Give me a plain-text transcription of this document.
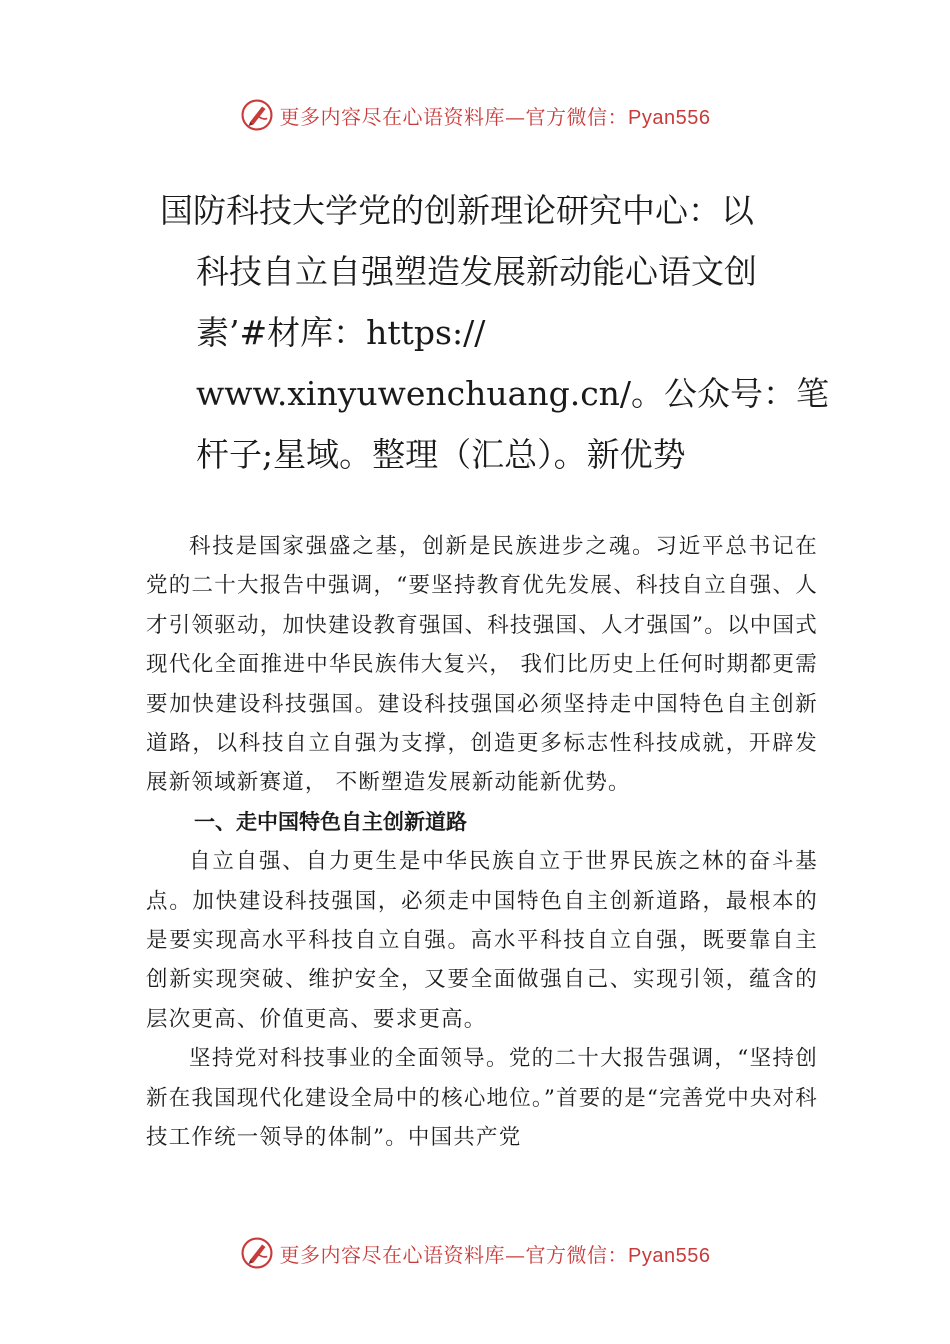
更多内容尽在心语资料库—官方微信：Pyan556
国防科技大学党的创新理论研究中心：以
科技自立自强塑造发展新动能心语文创
素’#材库：https://
www.xinyuwenchuang.cn/。公众号：笔
杆子;星域。整理（汇总）。新优势

科技是国家强盛之基，创新是民族进步之魂。习近平总书记在党的二十大报告中强调，“要坚持教育优先发展、科技自立自强、人才引领驱动，加快建设教育强国、科技强国、人才强国”。以中国式现代化全面推进中华民族伟大复兴， 我们比历史上任何时期都更需要加快建设科技强国。建设科技强国必须坚持走中国特色自主创新道路，以科技自立自强为支撑，创造更多标志性科技成就，开辟发展新领域新赛道， 不断塑造发展新动能新优势。

一、走中国特色自主创新道路

自立自强、自力更生是中华民族自立于世界民族之林的奋斗基点。加快建设科技强国，必须走中国特色自主创新道路，最根本的是要实现高水平科技自立自强。高水平科技自立自强，既要靠自主创新实现突破、维护安全，又要全面做强自己、实现引领，蕴含的层次更高、价值更高、要求更高。

坚持党对科技事业的全面领导。党的二十大报告强调，“坚持创新在我国现代化建设全局中的核心地位。”首要的是“完善党中央对科技工作统一领导的体制”。中国共产党

更多内容尽在心语资料库—官方微信：Pyan556
